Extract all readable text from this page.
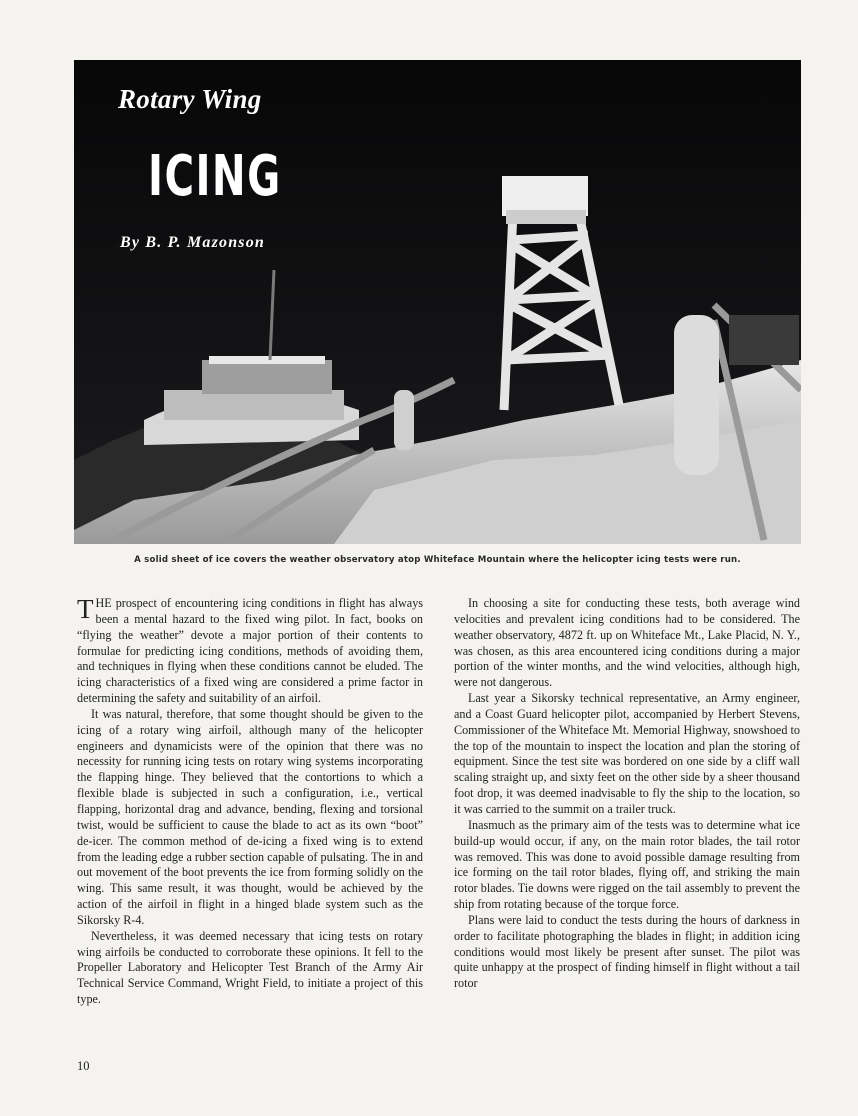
Rotary Wing
ICING
By B. P. Mazonson
A solid sheet of ice covers the weather observatory atop Whiteface Mountain where the helicopter icing tests were run.

THE prospect of encountering icing conditions in flight has always been a mental hazard to the fixed wing pilot. In fact, books on “flying the weather” devote a major portion of their contents to formulae for predicting icing conditions, methods of avoiding them, and techniques in flying when these conditions cannot be eluded. The icing characteristics of a fixed wing are considered a prime factor in determining the safety and suitability of an airfoil.

It was natural, therefore, that some thought should be given to the icing of a rotary wing airfoil, although many of the helicopter engineers and dynamicists were of the opinion that there was no necessity for running icing tests on rotary wing systems incorporating the flapping hinge. They believed that the contortions to which a flexible blade is subjected in such a configuration, i.e., vertical flapping, horizontal drag and advance, bending, flexing and torsional twist, would be sufficient to cause the blade to act as its own “boot” de-icer. The common method of de-icing a fixed wing is to extend from the leading edge a rubber section capable of pulsating. The in and out movement of the boot prevents the ice from forming solidly on the wing. This same result, it was thought, would be achieved by the action of the airfoil in flight in a hinged blade system such as the Sikorsky R-4.

Nevertheless, it was deemed necessary that icing tests on rotary wing airfoils be conducted to corroborate these opinions. It fell to the Propeller Laboratory and Helicopter Test Branch of the Army Air Technical Service Command, Wright Field, to initiate a project of this type.

In choosing a site for conducting these tests, both average wind velocities and prevalent icing conditions had to be considered. The weather observatory, 4872 ft. up on Whiteface Mt., Lake Placid, N. Y., was chosen, as this area encountered icing conditions during a major portion of the winter months, and the wind velocities, although high, were not dangerous.

Last year a Sikorsky technical representative, an Army engineer, and a Coast Guard helicopter pilot, accompanied by Herbert Stevens, Commissioner of the Whiteface Mt. Memorial Highway, snowshoed to the top of the mountain to inspect the location and plan the storing of equipment. Since the test site was bordered on one side by a cliff wall scaling straight up, and sixty feet on the other side by a sheer thousand foot drop, it was deemed inadvisable to fly the ship to the location, so it was carried to the summit on a trailer truck.

Inasmuch as the primary aim of the tests was to determine what ice build-up would occur, if any, on the main rotor blades, the tail rotor was removed. This was done to avoid possible damage resulting from ice forming on the tail rotor blades, flying off, and striking the main rotor blades. Tie downs were rigged on the tail assembly to prevent the ship from rotating because of the torque force.

Plans were laid to conduct the tests during the hours of darkness in order to facilitate photographing the blades in flight; in addition icing conditions would most likely be present after sunset. The pilot was quite unhappy at the prospect of finding himself in flight without a tail rotor

10
